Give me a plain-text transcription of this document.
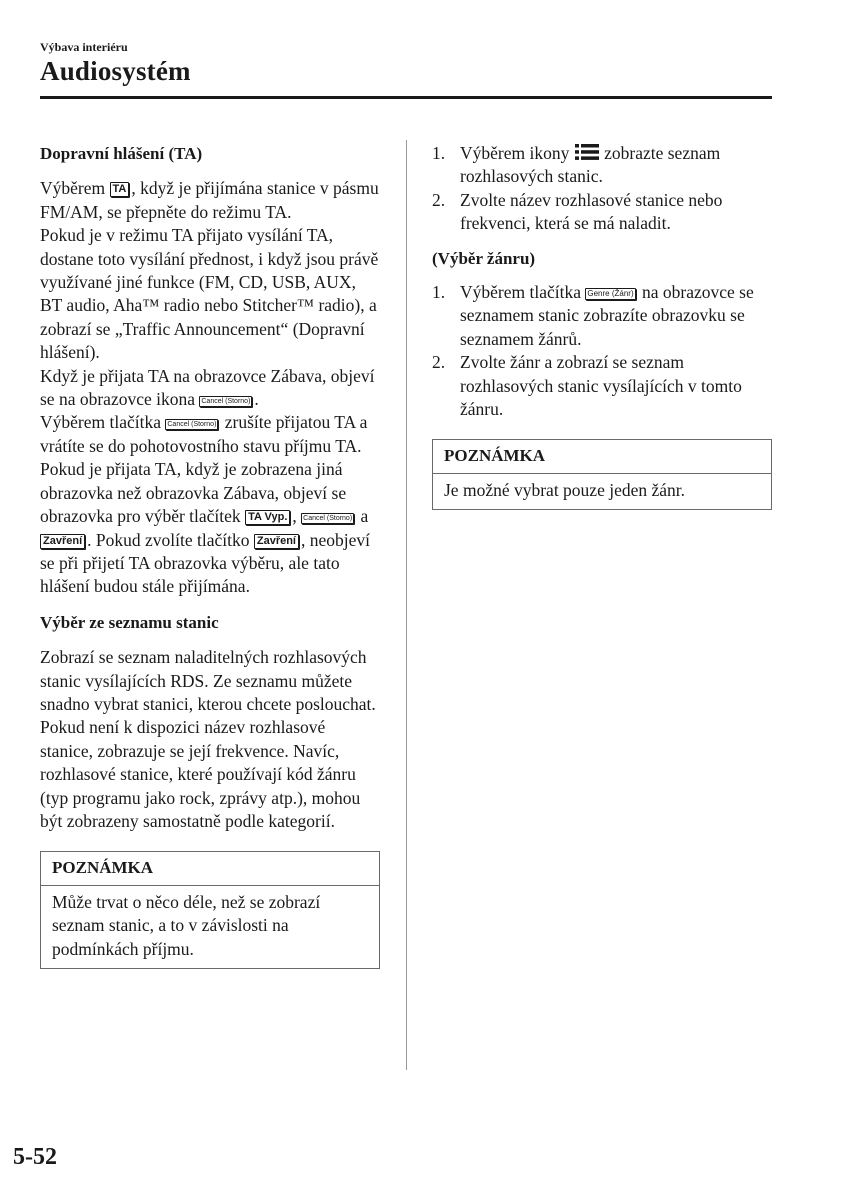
Výbava interiéru
Audiosystém

Dopravní hlášení (TA)

Výběrem TA , když je přijímána stanice v pásmu FM/AM, se přepněte do režimu TA.

Pokud je v režimu TA přijato vysílání TA, dostane toto vysílání přednost, i když jsou právě využívané jiné funkce (FM, CD, USB, AUX, BT audio, Aha™ radio nebo Stitcher™ radio), a zobrazí se „Traffic Announcement“ (Dopravní hlášení).

Když je přijata TA na obrazovce Zábava, objeví se na obrazovce ikona Cancel (Storno) .

Výběrem tlačítka Cancel (Storno) zrušíte přijatou TA a vrátíte se do pohotovostního stavu příjmu TA. Pokud je přijata TA, když je zobrazena jiná obrazovka než obrazovka Zábava, objeví se obrazovka pro výběr tlačítek TA Vyp. , Cancel (Storno) a Zavření . Pokud zvolíte tlačítko Zavření , neobjeví se při přijetí TA obrazovka výběru, ale tato hlášení budou stále přijímána.

Výběr ze seznamu stanic

Zobrazí se seznam naladitelných rozhlasových stanic vysílajících RDS. Ze seznamu můžete snadno vybrat stanici, kterou chcete poslouchat. Pokud není k dispozici název rozhlasové stanice, zobrazuje se její frekvence. Navíc, rozhlasové stanice, které používají kód žánru (typ programu jako rock, zprávy atp.), mohou být zobrazeny samostatně podle kategorií.

POZNÁMKA
Může trvat o něco déle, než se zobrazí seznam stanic, a to v závislosti na podmínkách příjmu.
1. Výběrem ikony  zobrazte seznam rozhlasových stanic.
2. Zvolte název rozhlasové stanice nebo frekvenci, která se má naladit.

(Výběr žánru)

1. Výběrem tlačítka Genre (Žánr) na obrazovce se seznamem stanic zobrazíte obrazovku se seznamem žánrů.
2. Zvolte žánr a zobrazí se seznam rozhlasových stanic vysílajících v tomto žánru.
POZNÁMKA
Je možné vybrat pouze jeden žánr.
5-52
